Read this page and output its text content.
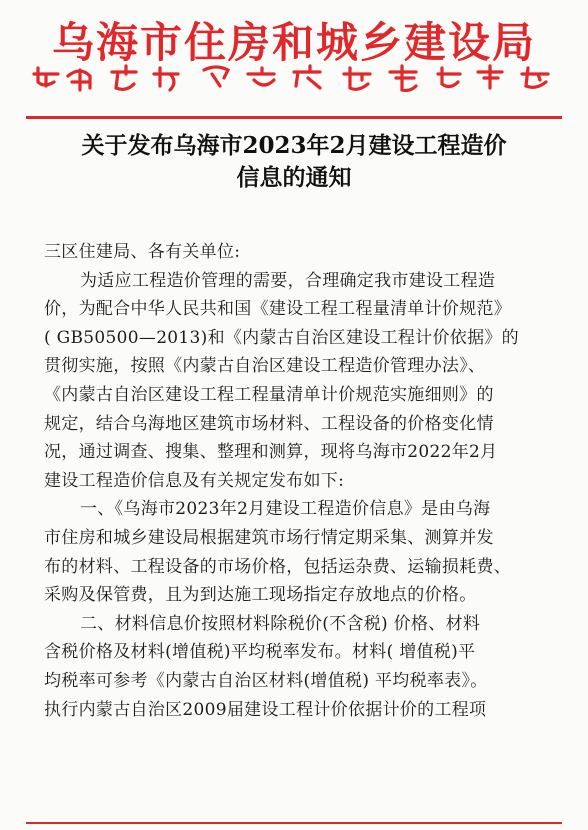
乌海市住房和城乡建设局
关于发布乌海市2023年2月建设工程造价
信息的通知
三区住建局、各有关单位:
为适应工程造价管理的需要，合理确定我市建设工程造
价，为配合中华人民共和国《建设工程工程量清单计价规范》
( GB50500—2013)和《内蒙古自治区建设工程计价依据》的
贯彻实施，按照《内蒙古自治区建设工程造价管理办法》、
《内蒙古自治区建设工程工程量清单计价规范实施细则》的
规定，结合乌海地区建筑市场材料、工程设备的价格变化情
况，通过调查、搜集、整理和测算，现将乌海市2022年2月
建设工程造价信息及有关规定发布如下:
一、《乌海市2023年2月建设工程造价信息》是由乌海
市住房和城乡建设局根据建筑市场行情定期采集、测算并发
布的材料、工程设备的市场价格，包括运杂费、运输损耗费、
采购及保管费，且为到达施工现场指定存放地点的价格。
二、材料信息价按照材料除税价(不含税) 价格、材料
含税价格及材料(增值税)平均税率发布。材料( 增值税)平
均税率可参考《内蒙古自治区材料(增值税) 平均税率表》。
执行内蒙古自治区2009届建设工程计价依据计价的工程项
